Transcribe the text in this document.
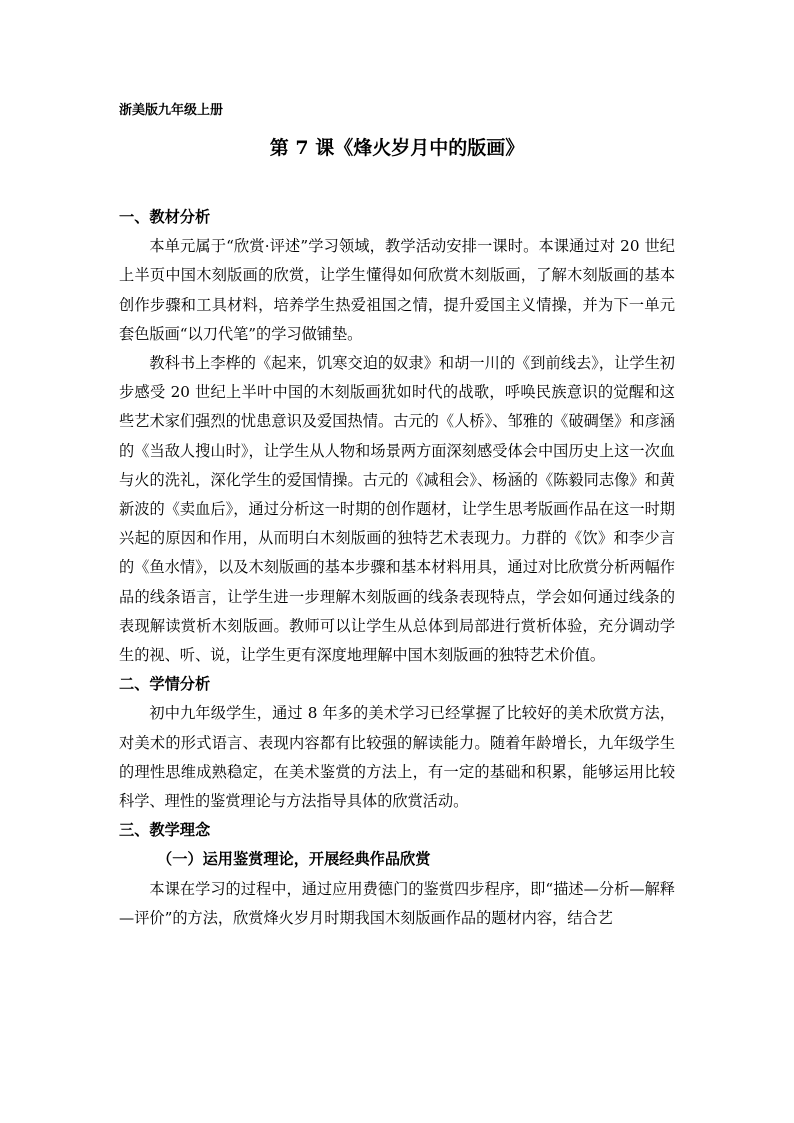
浙美版九年级上册
第 7 课《烽火岁月中的版画》

一、教材分析

本单元属于“欣赏·评述”学习领域，教学活动安排一课时。本课通过对 20 世纪上半页中国木刻版画的欣赏，让学生懂得如何欣赏木刻版画，了解木刻版画的基本创作步骤和工具材料，培养学生热爱祖国之情，提升爱国主义情操，并为下一单元套色版画“以刀代笔”的学习做铺垫。

教科书上李桦的《起来，饥寒交迫的奴隶》和胡一川的《到前线去》，让学生初步感受 20 世纪上半叶中国的木刻版画犹如时代的战歌，呼唤民族意识的觉醒和这些艺术家们强烈的忧患意识及爱国热情。古元的《人桥》、邹雅的《破碉堡》和彦涵的《当敌人搜山时》，让学生从人物和场景两方面深刻感受体会中国历史上这一次血与火的洗礼，深化学生的爱国情操。古元的《减租会》、杨涵的《陈毅同志像》和黄新波的《卖血后》，通过分析这一时期的创作题材，让学生思考版画作品在这一时期兴起的原因和作用，从而明白木刻版画的独特艺术表现力。力群的《饮》和李少言的《鱼水情》，以及木刻版画的基本步骤和基本材料用具，通过对比欣赏分析两幅作品的线条语言，让学生进一步理解木刻版画的线条表现特点，学会如何通过线条的表现解读赏析木刻版画。教师可以让学生从总体到局部进行赏析体验，充分调动学生的视、听、说，让学生更有深度地理解中国木刻版画的独特艺术价值。

二、学情分析

初中九年级学生，通过 8 年多的美术学习已经掌握了比较好的美术欣赏方法，对美术的形式语言、表现内容都有比较强的解读能力。随着年龄增长，九年级学生的理性思维成熟稳定，在美术鉴赏的方法上，有一定的基础和积累，能够运用比较科学、理性的鉴赏理论与方法指导具体的欣赏活动。

三、教学理念

（一）运用鉴赏理论，开展经典作品欣赏

本课在学习的过程中，通过应用费德门的鉴赏四步程序，即“描述—分析—解释—评价”的方法，欣赏烽火岁月时期我国木刻版画作品的题材内容，结合艺
